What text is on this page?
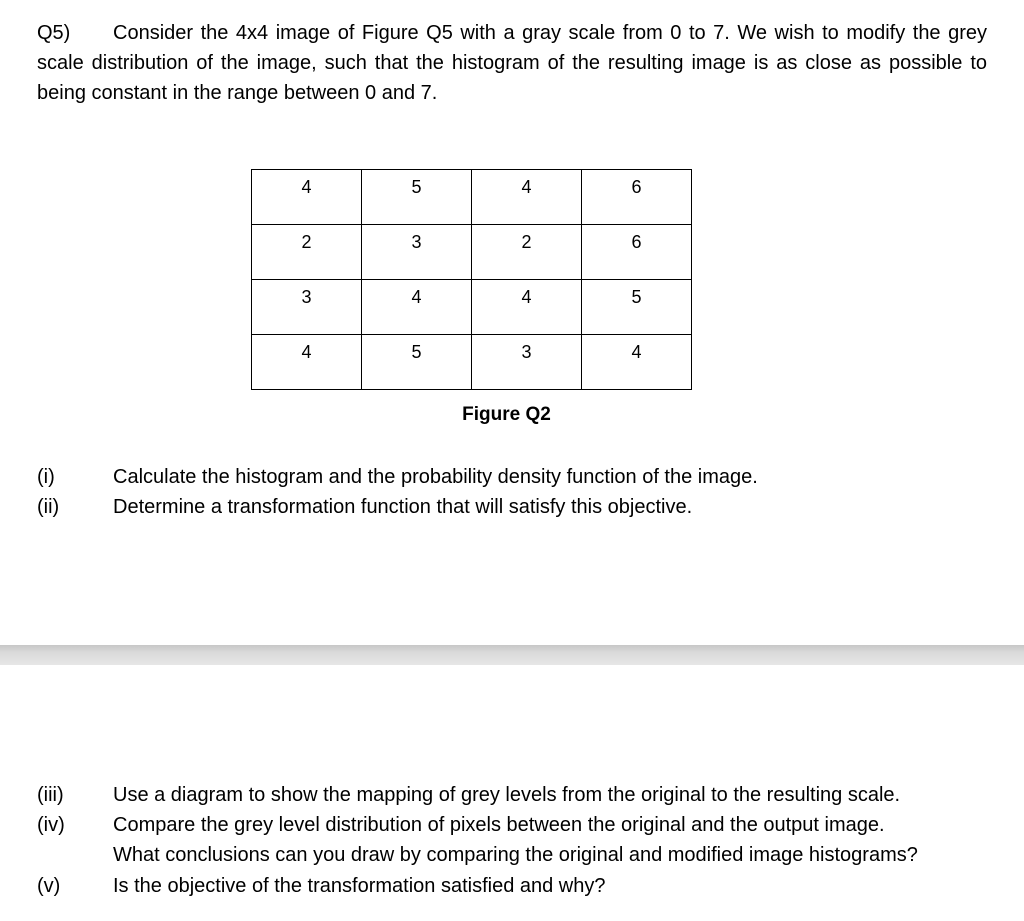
Q5) Consider the 4x4 image of Figure Q5 with a gray scale from 0 to 7. We wish to modify the grey scale distribution of the image, such that the histogram of the resulting image is as close as possible to being constant in the range between 0 and 7.
4	5	4	6
2	3	2	6
3	4	4	5
4	5	3	4
Figure Q2
(i)	Calculate the histogram and the probability density function of the image.
(ii)	Determine a transformation function that will satisfy this objective.
(iii) Use a diagram to show the mapping of grey levels from the original to the resulting scale.
(iv) Compare the grey level distribution of pixels between the original and the output image.
What conclusions can you draw by comparing the original and modified image histograms?
(v)	Is the objective of the transformation satisfied and why?
